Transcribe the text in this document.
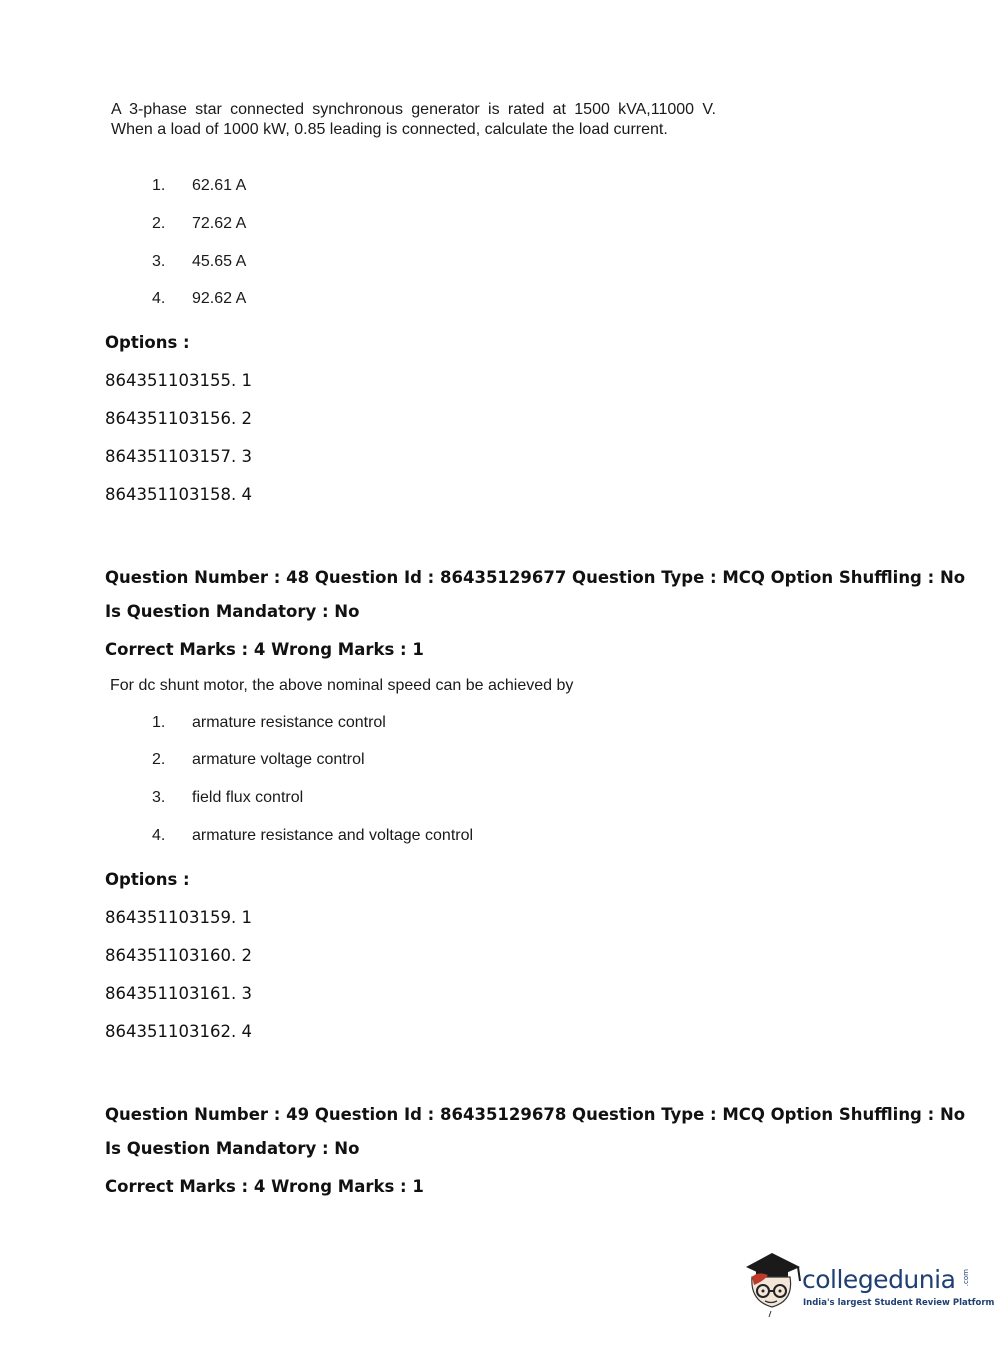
A 3-phase star connected synchronous generator is rated at 1500 kVA,11000 V. When a load of 1000 kW, 0.85 leading is connected, calculate the load current.
1. 62.61 A
2. 72.62 A
3. 45.65 A
4. 92.62 A
Options :
864351103155. 1
864351103156. 2
864351103157. 3
864351103158. 4
Question Number : 48 Question Id : 86435129677 Question Type : MCQ Option Shuffling : No
Is Question Mandatory : No
Correct Marks : 4 Wrong Marks : 1
For dc shunt motor, the above nominal speed can be achieved by
1. armature resistance control
2. armature voltage control
3. field flux control
4. armature resistance and voltage control
Options :
864351103159. 1
864351103160. 2
864351103161. 3
864351103162. 4
Question Number : 49 Question Id : 86435129678 Question Type : MCQ Option Shuffling : No
Is Question Mandatory : No
Correct Marks : 4 Wrong Marks : 1
collegedunia .com
India's largest Student Review Platform
